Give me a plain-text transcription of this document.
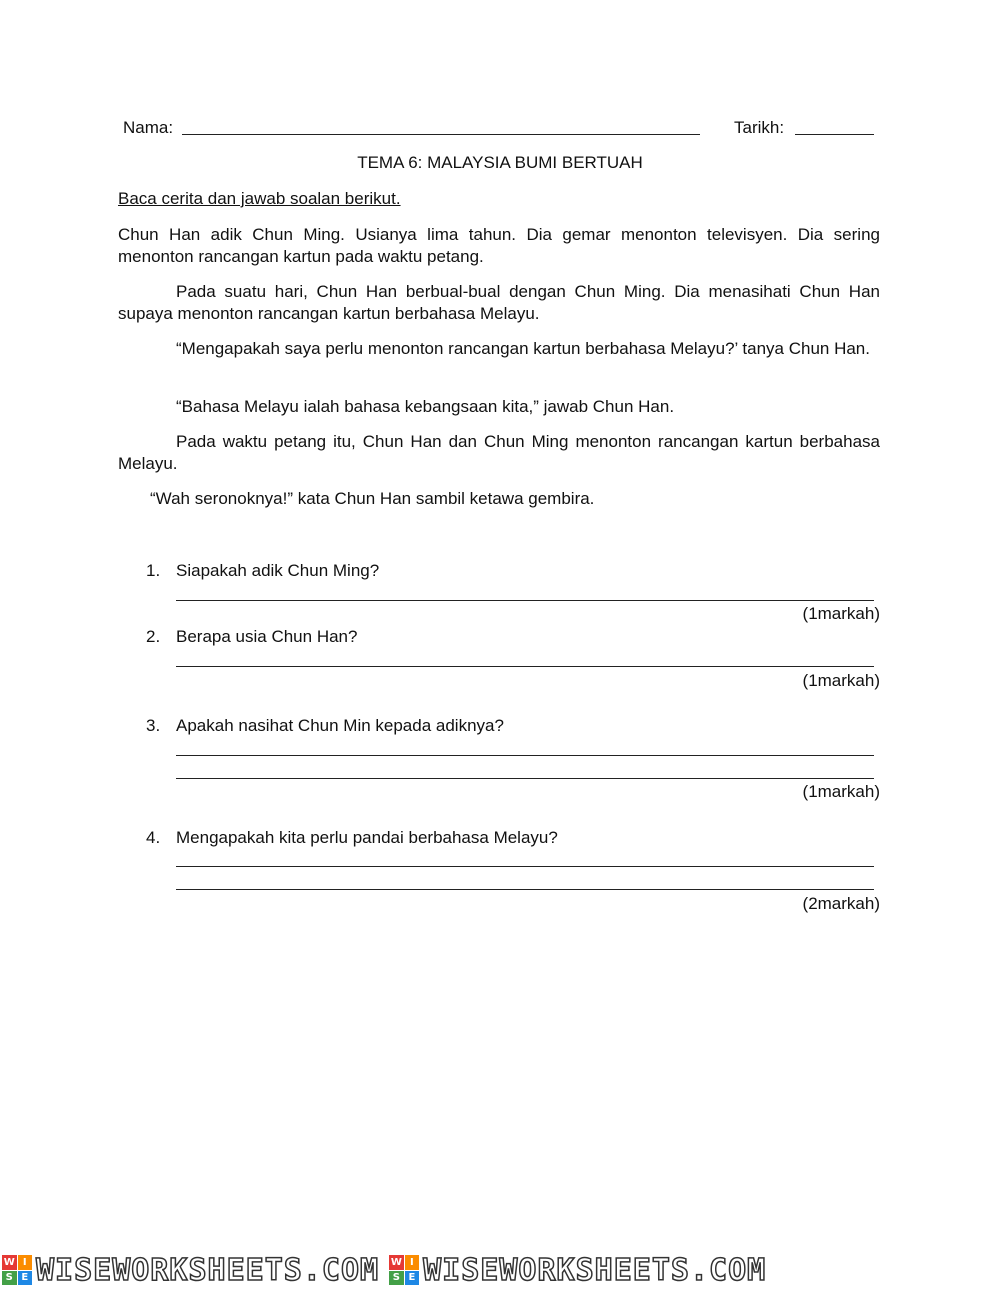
Nama:	Tarikh:
TEMA 6: MALAYSIA BUMI BERTUAH
Baca cerita dan jawab soalan berikut.

Chun Han adik Chun Ming. Usianya lima tahun. Dia gemar menonton televisyen. Dia sering menonton rancangan kartun pada waktu petang.

Pada suatu hari, Chun Han berbual-bual dengan Chun Ming. Dia menasihati Chun Han supaya menonton rancangan kartun berbahasa Melayu.

“Mengapakah saya perlu menonton rancangan kartun berbahasa Melayu?’ tanya Chun Han.

“Bahasa Melayu ialah bahasa kebangsaan kita,” jawab Chun Han.

Pada waktu petang itu, Chun Han dan Chun Ming menonton rancangan kartun berbahasa Melayu.

“Wah seronoknya!” kata Chun Han sambil ketawa gembira.

1. Siapakah adik Chun Ming?
(1markah)
2. Berapa usia Chun Han?
(1markah)
3. Apakah nasihat Chun Min kepada adiknya?
(1markah)
4. Mengapakah kita perlu pandai berbahasa Melayu?
(2markah)
W I
S E WISEWORKSHEETS.COM W I
S E WISEWORKSHEETS.COM
